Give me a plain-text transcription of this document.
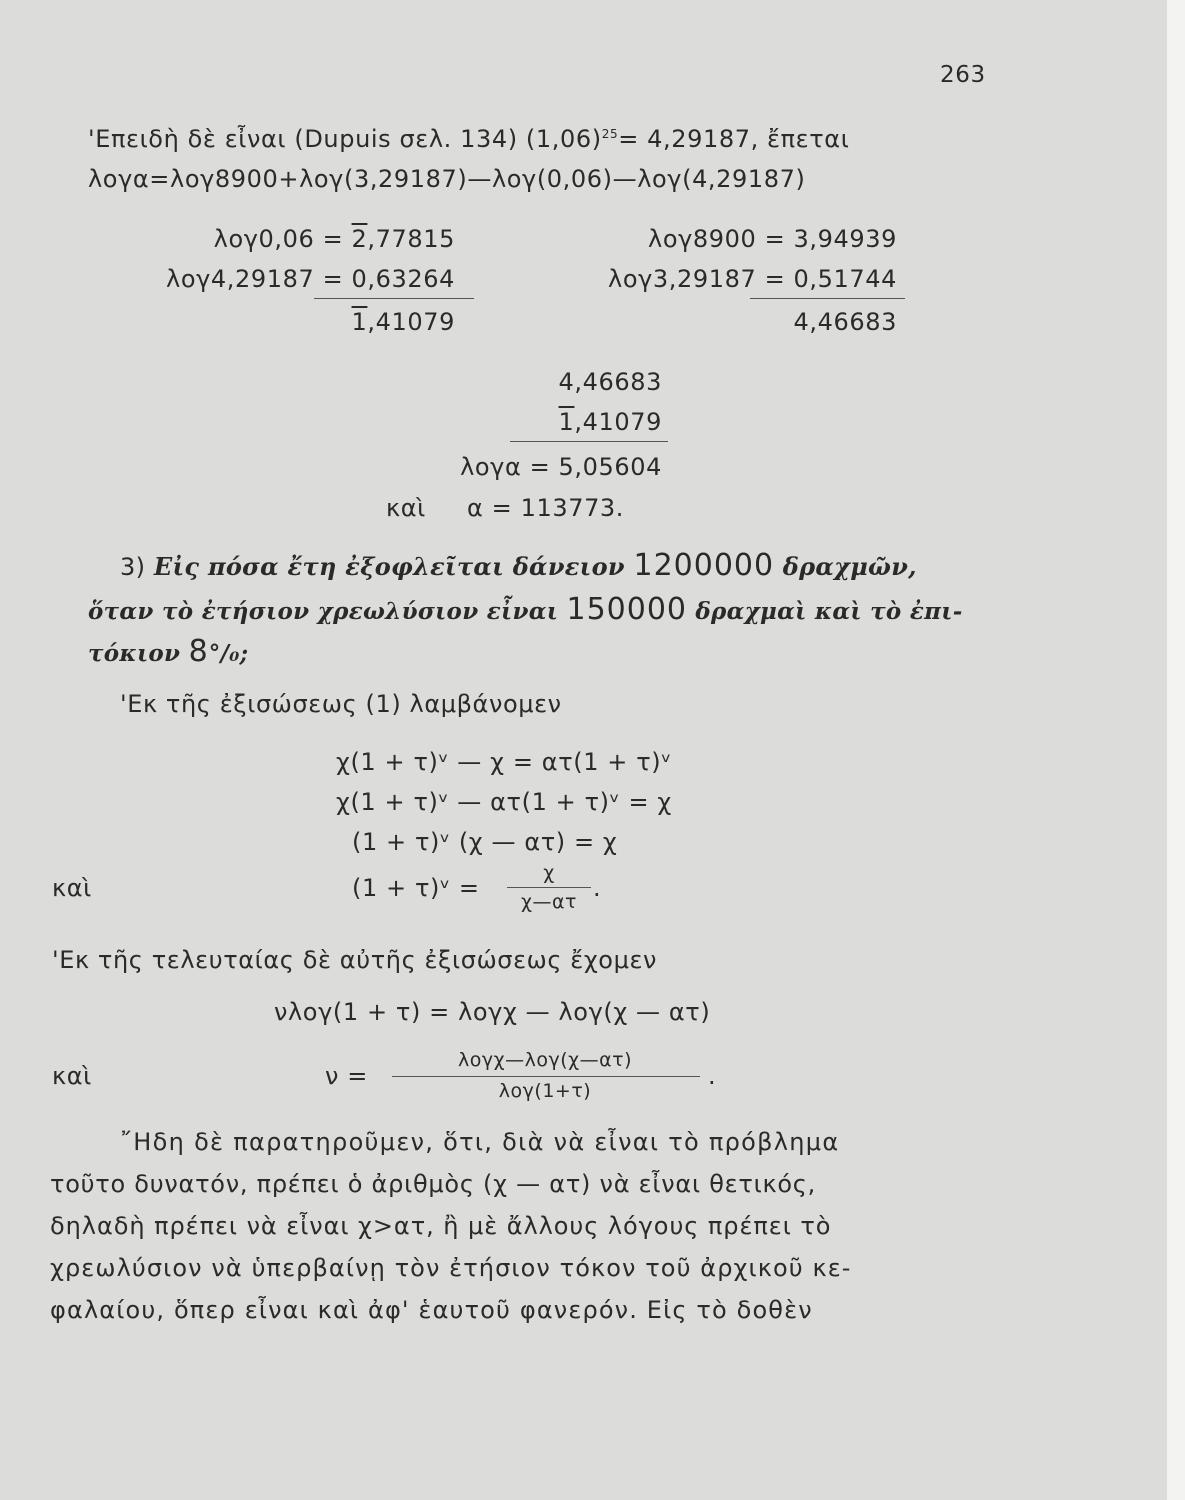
263
'Επειδὴ δὲ εἶναι (Dupuis σελ. 134) $(1,06)^{25}= 4,29187$, ἔπεται
λογα=λογ8900+λογ(3,29187)—λογ(0,06)—λογ(4,29187)
λογ0,06 = 2,77815
λογ4,29187 = 0,63264
1,41079
λογ8900 = 3,94939
λογ3,29187 = 0,51744
4,46683
4,46683
1,41079
λογα = 5,05604
καὶ α = 113773.
3) Εἰς πόσα ἔτη ἐξοφλεῖται δάνειον 1200000 δραχμῶν,
ὅταν τὸ ἐτήσιον χρεωλύσιον εἶναι 150000 δραχμαὶ καὶ τὸ ἐπι-
τόκιον 8°/₀;
'Εκ τῆς ἐξισώσεως (1) λαμβάνομεν
χ(1 + τ)ᵛ — χ = ατ(1 + τ)ᵛ
χ(1 + τ)ᵛ — ατ(1 + τ)ᵛ = χ
(1 + τ)ᵛ (χ — ατ) = χ
καὶ	(1 + τ)ᵛ =
χ
χ—ατ .
'Εκ τῆς τελευταίας δὲ αὐτῆς ἐξισώσεως ἔχομεν
νλογ(1 + τ) = λογχ — λογ(χ — ατ)
καὶ	ν =
λογχ—λογ(χ—ατ)
λογ(1+τ)
.
῎Ηδη δὲ παρατηροῦμεν, ὅτι, διὰ νὰ εἶναι τὸ πρόβλημα
τοῦτο δυνατόν, πρέπει ὁ ἀριθμὸς (χ — ατ) νὰ εἶναι θετικός,
δηλαδὴ πρέπει νὰ εἶναι χ>ατ, ἢ μὲ ἄλλους λόγους πρέπει τὸ
χρεωλύσιον νὰ ὑπερβαίνῃ τὸν ἐτήσιον τόκον τοῦ ἀρχικοῦ κε-
φαλαίου, ὅπερ εἶναι καὶ ἀφ' ἑαυτοῦ φανερόν. Εἰς τὸ δοθὲν
